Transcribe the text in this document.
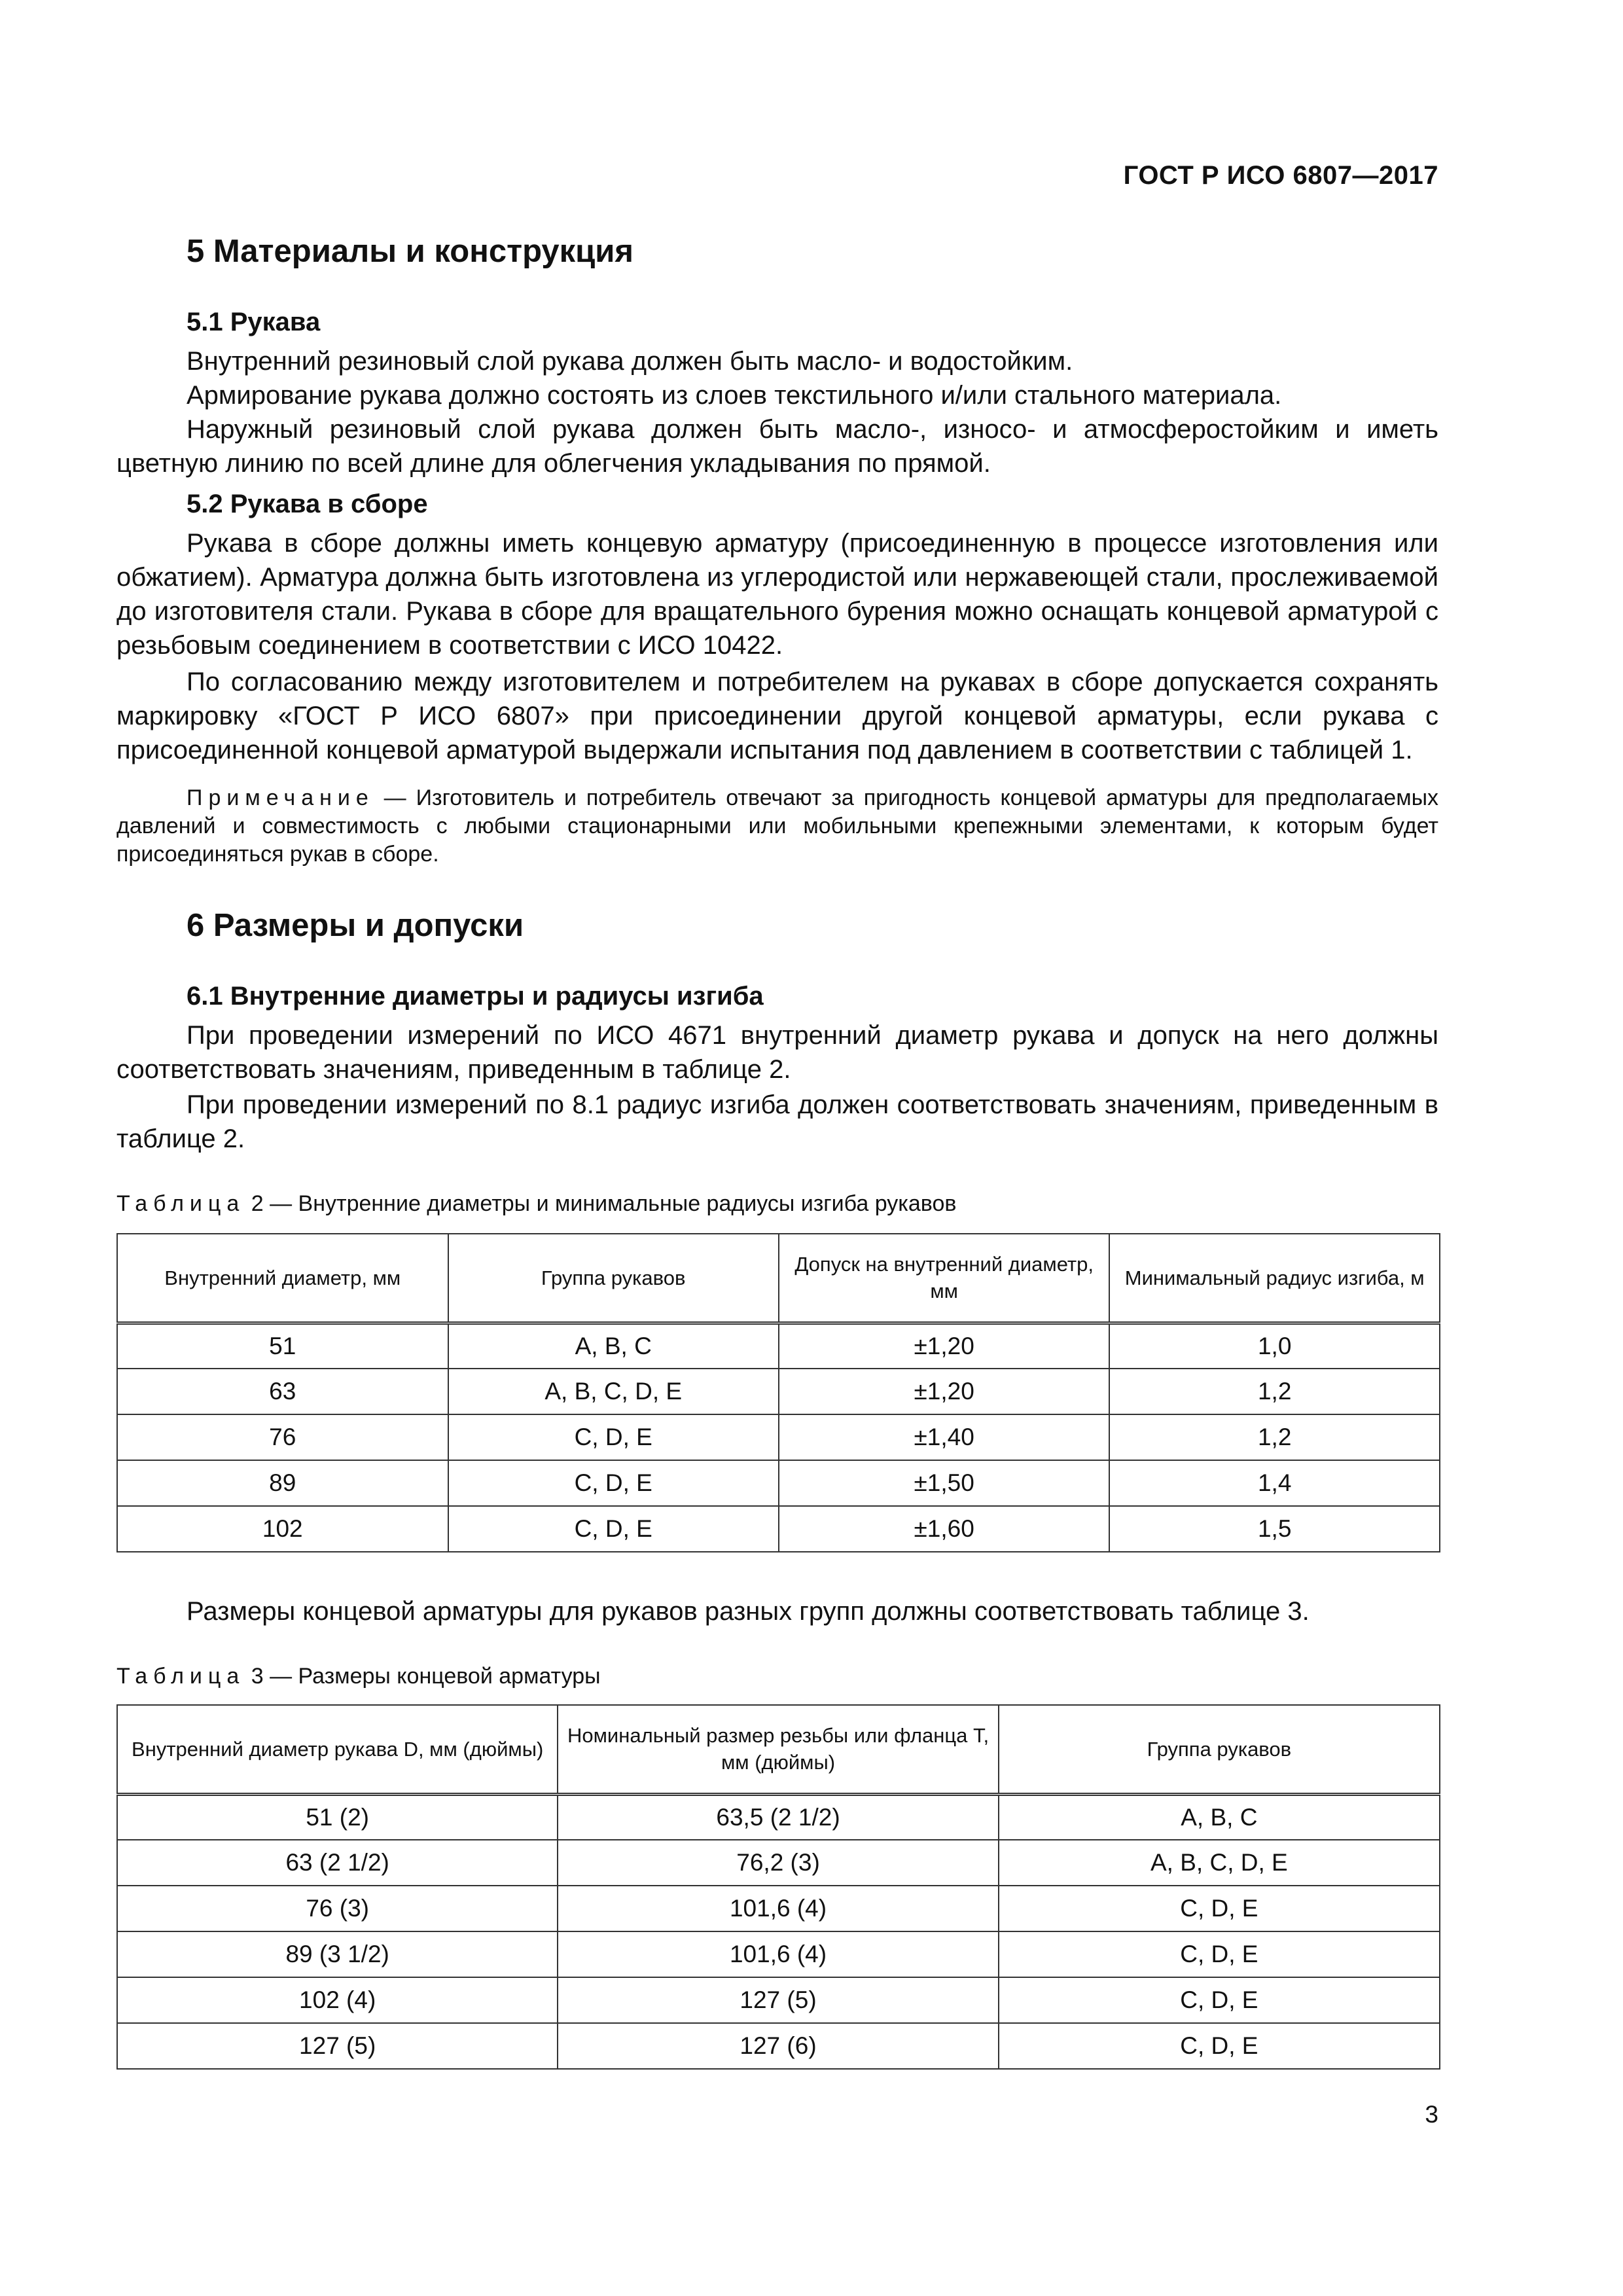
ГОСТ Р ИСО 6807—2017
5 Материалы и конструкция
5.1 Рукава
Внутренний резиновый слой рукава должен быть масло- и водостойким.
Армирование рукава должно состоять из слоев текстильного и/или стального материала.
Наружный резиновый слой рукава должен быть масло-, износо- и атмосферостойким и иметь цветную линию по всей длине для облегчения укладывания по прямой.
5.2 Рукава в сборе
Рукава в сборе должны иметь концевую арматуру (присоединенную в процессе изготовления или обжатием). Арматура должна быть изготовлена из углеродистой или нержавеющей стали, прослеживаемой до изготовителя стали. Рукава в сборе для вращательного бурения можно оснащать концевой арматурой с резьбовым соединением в соответствии с ИСО 10422.
По согласованию между изготовителем и потребителем на рукавах в сборе допускается сохранять маркировку «ГОСТ Р ИСО 6807» при присоединении другой концевой арматуры, если рукава с присоединенной концевой арматурой выдержали испытания под давлением в соответствии с таблицей 1.
Примечание — Изготовитель и потребитель отвечают за пригодность концевой арматуры для предполагаемых давлений и совместимость с любыми стационарными или мобильными крепежными элементами, к которым будет присоединяться рукав в сборе.
6 Размеры и допуски
6.1 Внутренние диаметры и радиусы изгиба
При проведении измерений по ИСО 4671 внутренний диаметр рукава и допуск на него должны соответствовать значениям, приведенным в таблице 2.
При проведении измерений по 8.1 радиус изгиба должен соответствовать значениям, приведенным в таблице 2.
Таблица 2 — Внутренние диаметры и минимальные радиусы изгиба рукавов
Внутренний диаметр, мм	Группа рукавов	Допуск на внутренний диаметр, мм	Минимальный радиус изгиба, м
51	A, B, C	±1,20	1,0
63	A, B, C, D, E	±1,20	1,2
76	C, D, E	±1,40	1,2
89	C, D, E	±1,50	1,4
102	C, D, E	±1,60	1,5
Размеры концевой арматуры для рукавов разных групп должны соответствовать таблице 3.
Таблица 3 — Размеры концевой арматуры
Внутренний диаметр рукава D, мм (дюймы)	Номинальный размер резьбы или фланца T, мм (дюймы)	Группа рукавов
51 (2)	63,5 (2 1/2)	A, B, C
63 (2 1/2)	76,2 (3)	A, B, C, D, E
76 (3)	101,6 (4)	C, D, E
89 (3 1/2)	101,6 (4)	C, D, E
102 (4)	127 (5)	C, D, E
127 (5)	127 (6)	C, D, E
3
